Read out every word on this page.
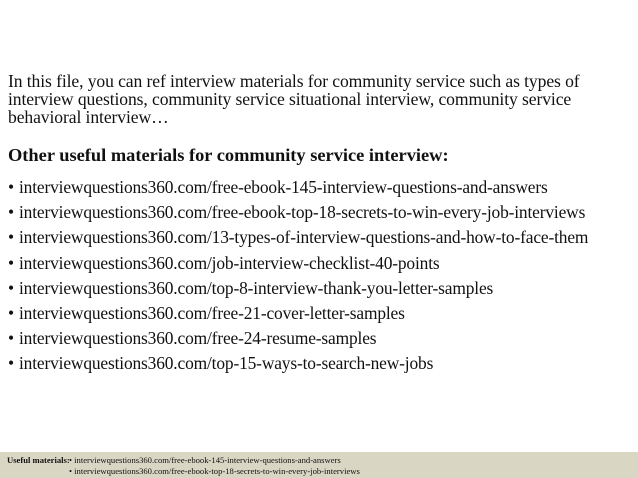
In this file, you can ref interview materials for community service such as types of interview questions, community service situational interview, community service behavioral interview…

Other useful materials for community service interview:
• interviewquestions360.com/free-ebook-145-interview-questions-and-answers
• interviewquestions360.com/free-ebook-top-18-secrets-to-win-every-job-interviews
• interviewquestions360.com/13-types-of-interview-questions-and-how-to-face-them
• interviewquestions360.com/job-interview-checklist-40-points
• interviewquestions360.com/top-8-interview-thank-you-letter-samples
• interviewquestions360.com/free-21-cover-letter-samples
• interviewquestions360.com/free-24-resume-samples
• interviewquestions360.com/top-15-ways-to-search-new-jobs
Useful materials: • interviewquestions360.com/free-ebook-145-interview-questions-and-answers
• interviewquestions360.com/free-ebook-top-18-secrets-to-win-every-job-interviews
